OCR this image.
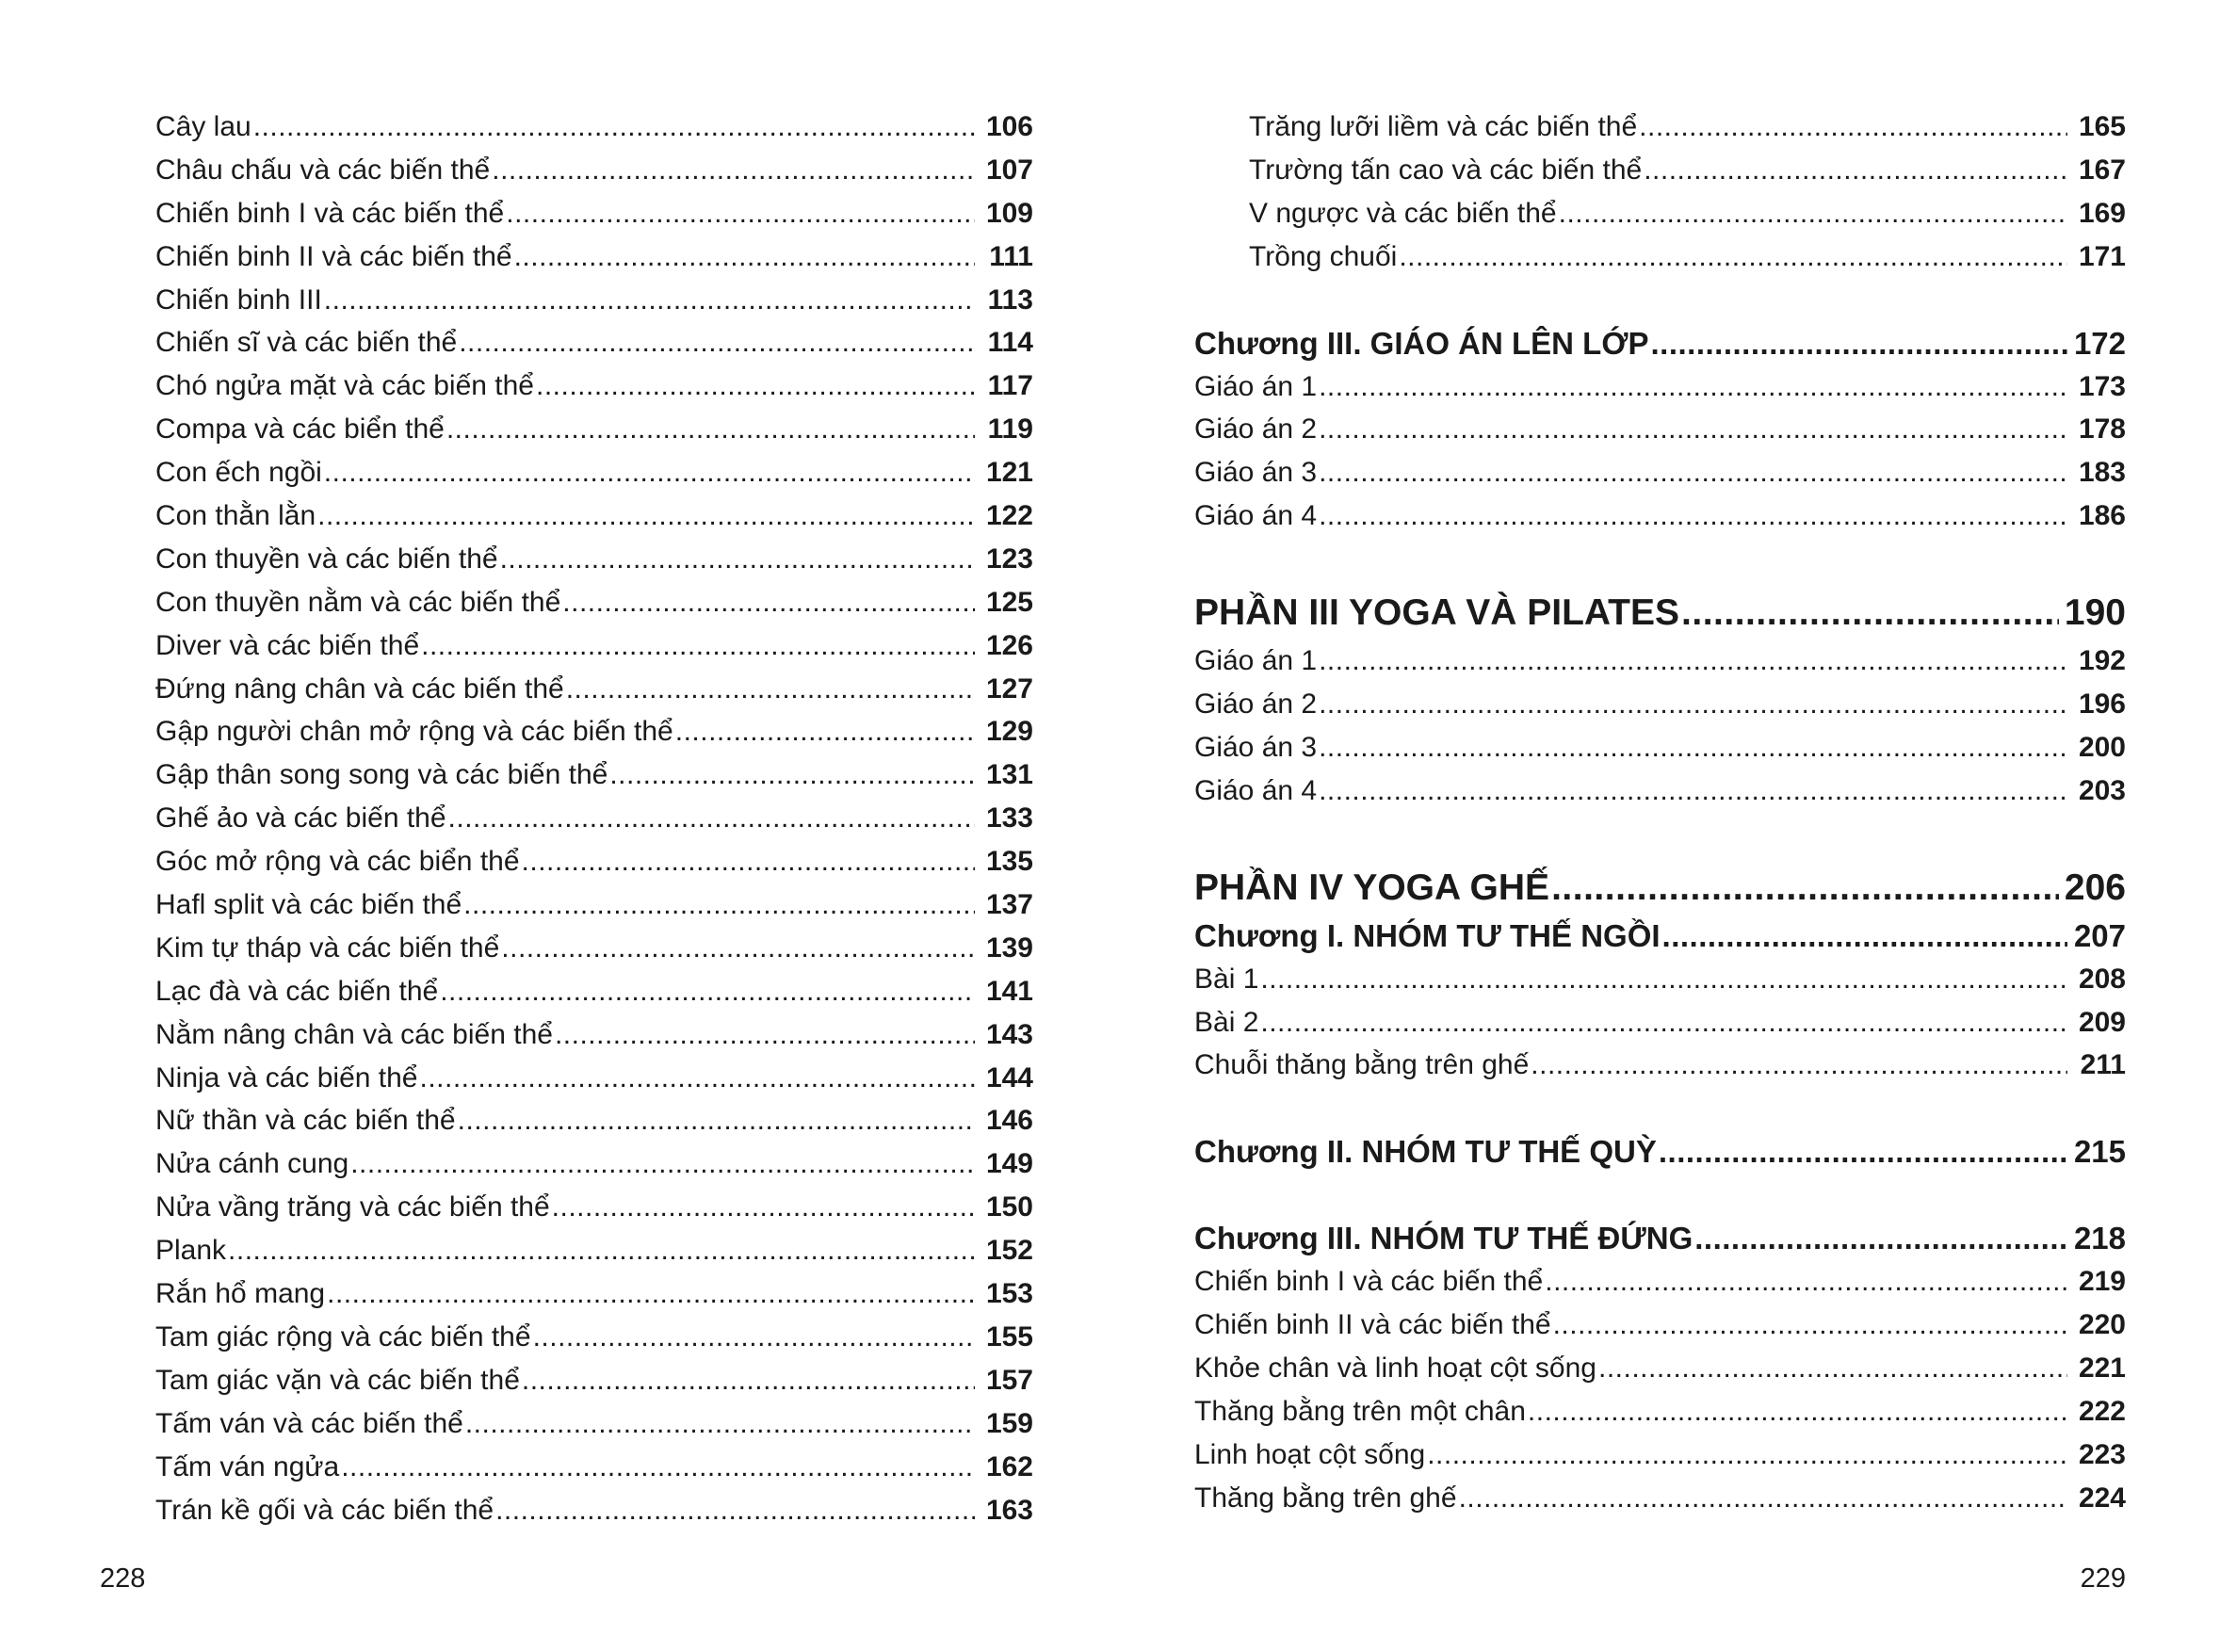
Cây lau .....	106
Châu chấu và các biến thể .....	107
Chiến binh I và các biến thể .....	109
Chiến binh II và các biến thể .....	111
Chiến binh III .....	113
Chiến sĩ và các biến thể .....	114
Chó ngửa mặt và các biến thể .....	117
Compa và các biển thể .....	119
Con ếch ngồi .....	121
Con thằn lằn .....	122
Con thuyền và các biến thể .....	123
Con thuyền nằm và các biến thể .....	125
Diver và các biến thể .....	126
Đứng nâng chân và các biến thể .....	127
Gập người chân mở rộng và các biến thể .....	129
Gập thân song song và các biến thể .....	131
Ghế ảo và các biến thể .....	133
Góc mở rộng và các biển thể .....	135
Hafl split và các biến thể .....	137
Kim tự tháp và các biến thể .....	139
Lạc đà và các biến thể .....	141
Nằm nâng chân và các biến thể .....	143
Ninja và các biến thể .....	144
Nữ thần và các biến thể .....	146
Nửa cánh cung .....	149
Nửa vầng trăng và các biến thể .....	150
Plank .....	152
Rắn hổ mang .....	153
Tam giác rộng và các biến thể .....	155
Tam giác vặn và các biến thể .....	157
Tấm ván và các biến thể .....	159
Tấm ván ngửa .....	162
Trán kề gối và các biến thể .....	163
Trăng lưỡi liềm và các biến thể .....	165
Trường tấn cao và các biến thể .....	167
V ngược và các biến thể .....	169
Trồng chuối .....	171
Chương III. GIÁO ÁN LÊN LỚP .....	172
Giáo án 1 .....	173
Giáo án 2 .....	178
Giáo án 3 .....	183
Giáo án 4 .....	186
PHẦN III YOGA VÀ PILATES .....	190
Giáo án 1 .....	192
Giáo án 2 .....	196
Giáo án 3 .....	200
Giáo án 4 .....	203
PHẦN IV YOGA GHẾ .....	206
Chương I. NHÓM TƯ THẾ NGỒI .....	207
Bài 1 .....	208
Bài 2 .....	209
Chuỗi thăng bằng trên ghế .....	211
Chương II. NHÓM TƯ THẾ QUỲ .....	215
Chương III. NHÓM TƯ THẾ ĐỨNG .....	218
Chiến binh I và các biến thể .....	219
Chiến binh II và các biến thể .....	220
Khỏe chân và linh hoạt cột sống .....	221
Thăng bằng trên một chân .....	222
Linh hoạt cột sống .....	223
Thăng bằng trên ghế .....	224
228	229
